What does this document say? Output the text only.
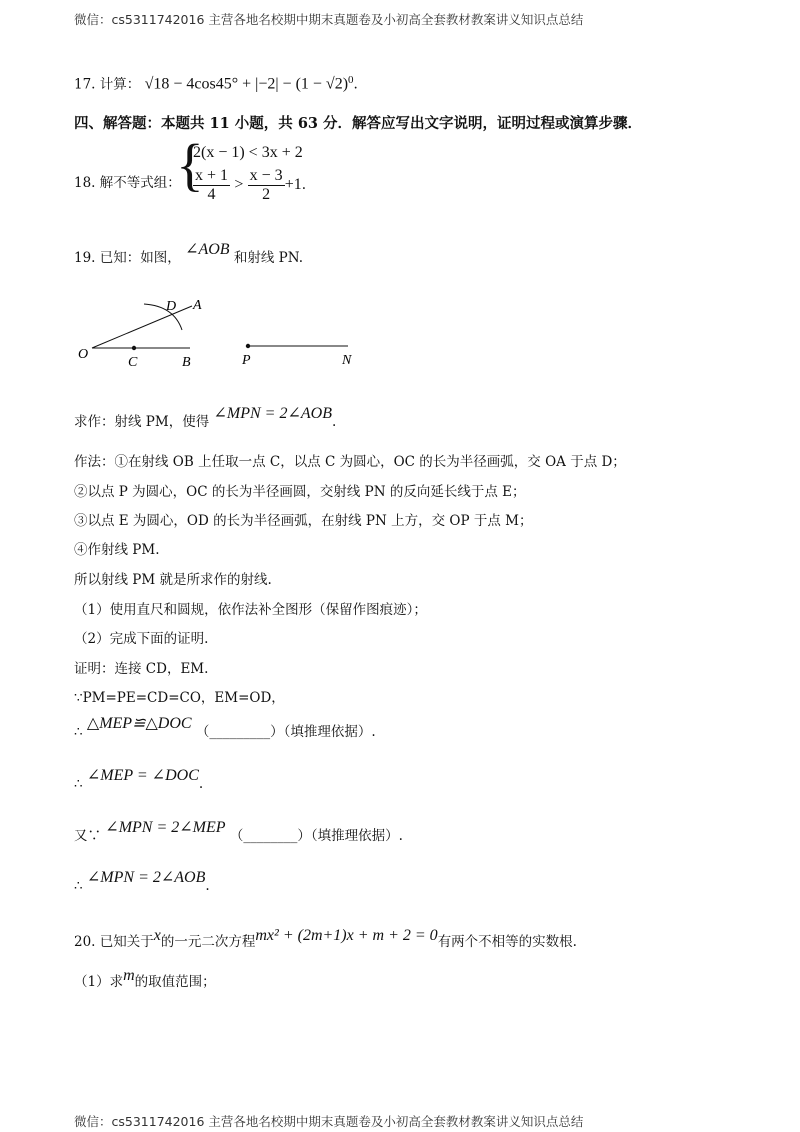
微信：cs5311742016 主营各地名校期中期末真题卷及小初高全套教材教案讲义知识点总结
17. 计算： $√18 - 4\cos 45^\circ + |-2| - (1 - √2)^0$.
四、解答题：本题共 11 小题，共 63 分．解答应写出文字说明，证明过程或演算步骤．
{
18. 解不等式组：
2(x − 1) < 3x + 2
$\frac{x + 1}{4} > \frac{x - 3}{2} +1$.
19. 已知：如图， ∠AOB 和射线 PN.
O
C	B
D A
P	N
求作：射线 PM，使得 ∠MPN = 2∠AOB.
作法：①在射线 OB 上任取一点 C，以点 C 为圆心，OC 的长为半径画弧，交 OA 于点 D；
②以点 P 为圆心，OC 的长为半径画圆，交射线 PN 的反向延长线于点 E；
③以点 E 为圆心，OD 的长为半径画弧，在射线 PN 上方，交 OP 于点 M；
④作射线 PM.
所以射线 PM 就是所求作的射线.
（1）使用直尺和圆规，依作法补全图形（保留作图痕迹）；
（2）完成下面的证明.
证明：连接 CD，EM.
∵PM=PE=CD=CO，EM=OD，
∴ △MEP≌△DOC （_________）（填推理依据）.
∴ ∠MEP = ∠DOC.
又∵ ∠MPN = 2∠MEP （________）（填推理依据）.
∴ ∠MPN = 2∠AOB.
20. 已知关于x的一元二次方程mx² + (2m+1)x + m + 2 = 0有两个不相等的实数根.
（1）求m的取值范围；
微信：cs5311742016 主营各地名校期中期末真题卷及小初高全套教材教案讲义知识点总结
